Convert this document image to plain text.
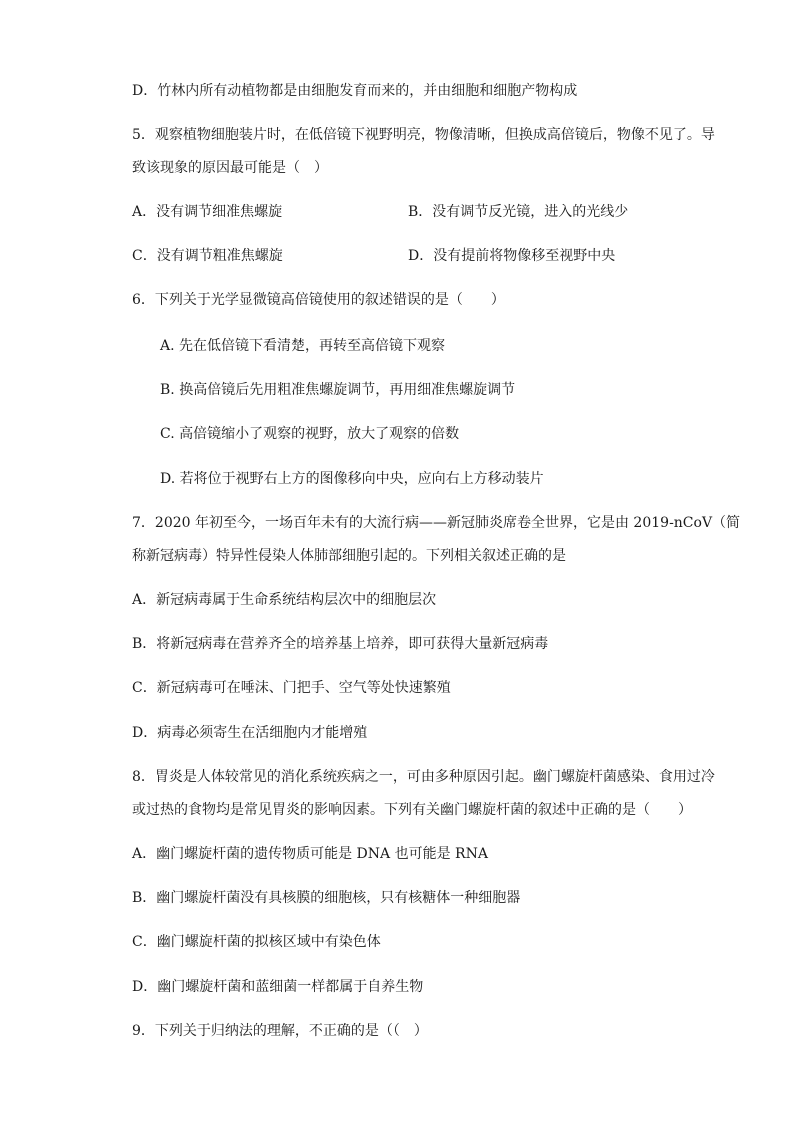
D．竹林内所有动植物都是由细胞发育而来的，并由细胞和细胞产物构成
5．观察植物细胞装片时，在低倍镜下视野明亮，物像清晰，但换成高倍镜后，物像不见了。导
致该现象的原因最可能是（　）
A．没有调节细准焦螺旋	B．没有调节反光镜，进入的光线少
C．没有调节粗准焦螺旋	D．没有提前将物像移至视野中央
6．下列关于光学显微镜高倍镜使用的叙述错误的是（　　）
A. 先在低倍镜下看清楚，再转至高倍镜下观察
B. 换高倍镜后先用粗准焦螺旋调节，再用细准焦螺旋调节
C. 高倍镜缩小了观察的视野，放大了观察的倍数
D. 若将位于视野右上方的图像移向中央，应向右上方移动装片
7．2020 年初至今，一场百年未有的大流行病——新冠肺炎席卷全世界，它是由 2019-nCoV（简
称新冠病毒）特异性侵染人体肺部细胞引起的。下列相关叙述正确的是
A．新冠病毒属于生命系统结构层次中的细胞层次
B．将新冠病毒在营养齐全的培养基上培养，即可获得大量新冠病毒
C．新冠病毒可在唾沫、门把手、空气等处快速繁殖
D．病毒必须寄生在活细胞内才能增殖
8．胃炎是人体较常见的消化系统疾病之一，可由多种原因引起。幽门螺旋杆菌感染、食用过冷
或过热的食物均是常见胃炎的影响因素。下列有关幽门螺旋杆菌的叙述中正确的是（　　）
A．幽门螺旋杆菌的遗传物质可能是 DNA 也可能是 RNA
B．幽门螺旋杆菌没有具核膜的细胞核，只有核糖体一种细胞器
C．幽门螺旋杆菌的拟核区域中有染色体
D．幽门螺旋杆菌和蓝细菌一样都属于自养生物
9．下列关于归纳法的理解，不正确的是（（　）
